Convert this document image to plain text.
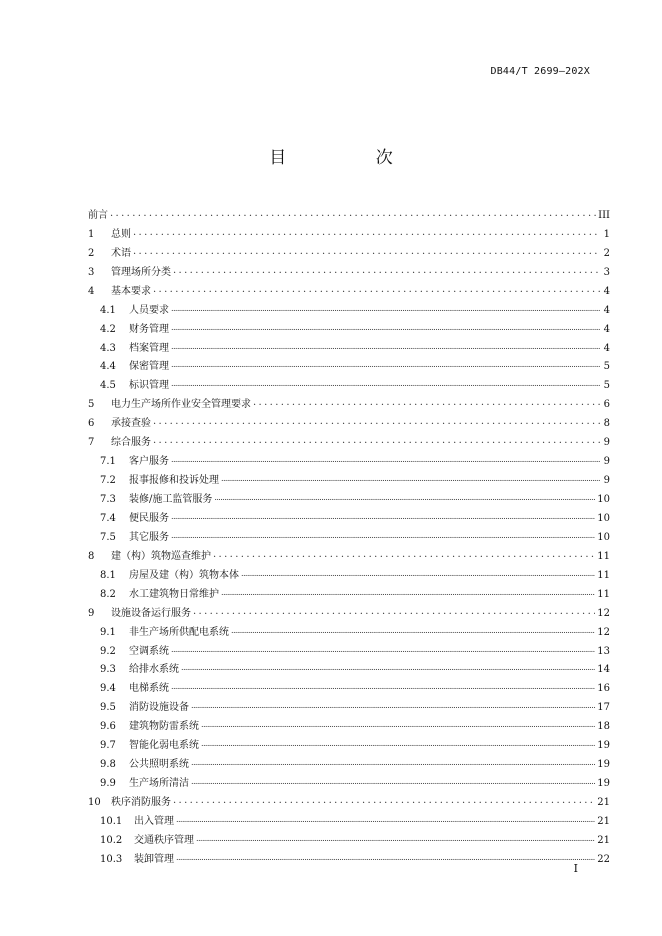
DB44/T 2699—202X
目 次
前言 . . .	III
1	总则 . . .	1
2	术语 . . .	2
3	管理场所分类 . . .	3
4	基本要求 . . .	4
4.1	人员要求 .....	4
4.2	财务管理 .....	4
4.3	档案管理 .....	4
4.4	保密管理 .....	5
4.5	标识管理 .....	5
5	电力生产场所作业安全管理要求 . . .	6
6	承接查验 . . .	8
7	综合服务 . . .	9
7.1	客户服务 .....	9
7.2	报事报修和投诉处理 .....	9
7.3	装修/施工监管服务 .....	10
7.4	便民服务 .....	10
7.5	其它服务 .....	10
8	建（构）筑物巡查维护 . . .	11
8.1	房屋及建（构）筑物本体 .....	11
8.2	水工建筑物日常维护 .....	11
9	设施设备运行服务 . . .	12
9.1	非生产场所供配电系统 .....	12
9.2	空调系统 .....	13
9.3	给排水系统 .....	14
9.4	电梯系统 .....	16
9.5	消防设施设备 .....	17
9.6	建筑物防雷系统 .....	18
9.7	智能化弱电系统 .....	19
9.8	公共照明系统 .....	19
9.9	生产场所清洁 .....	19
10	秩序消防服务 . . .	21
10.1 出入管理 .....	21
10.2 交通秩序管理 .....	21
10.3 装卸管理 .....	22
I
